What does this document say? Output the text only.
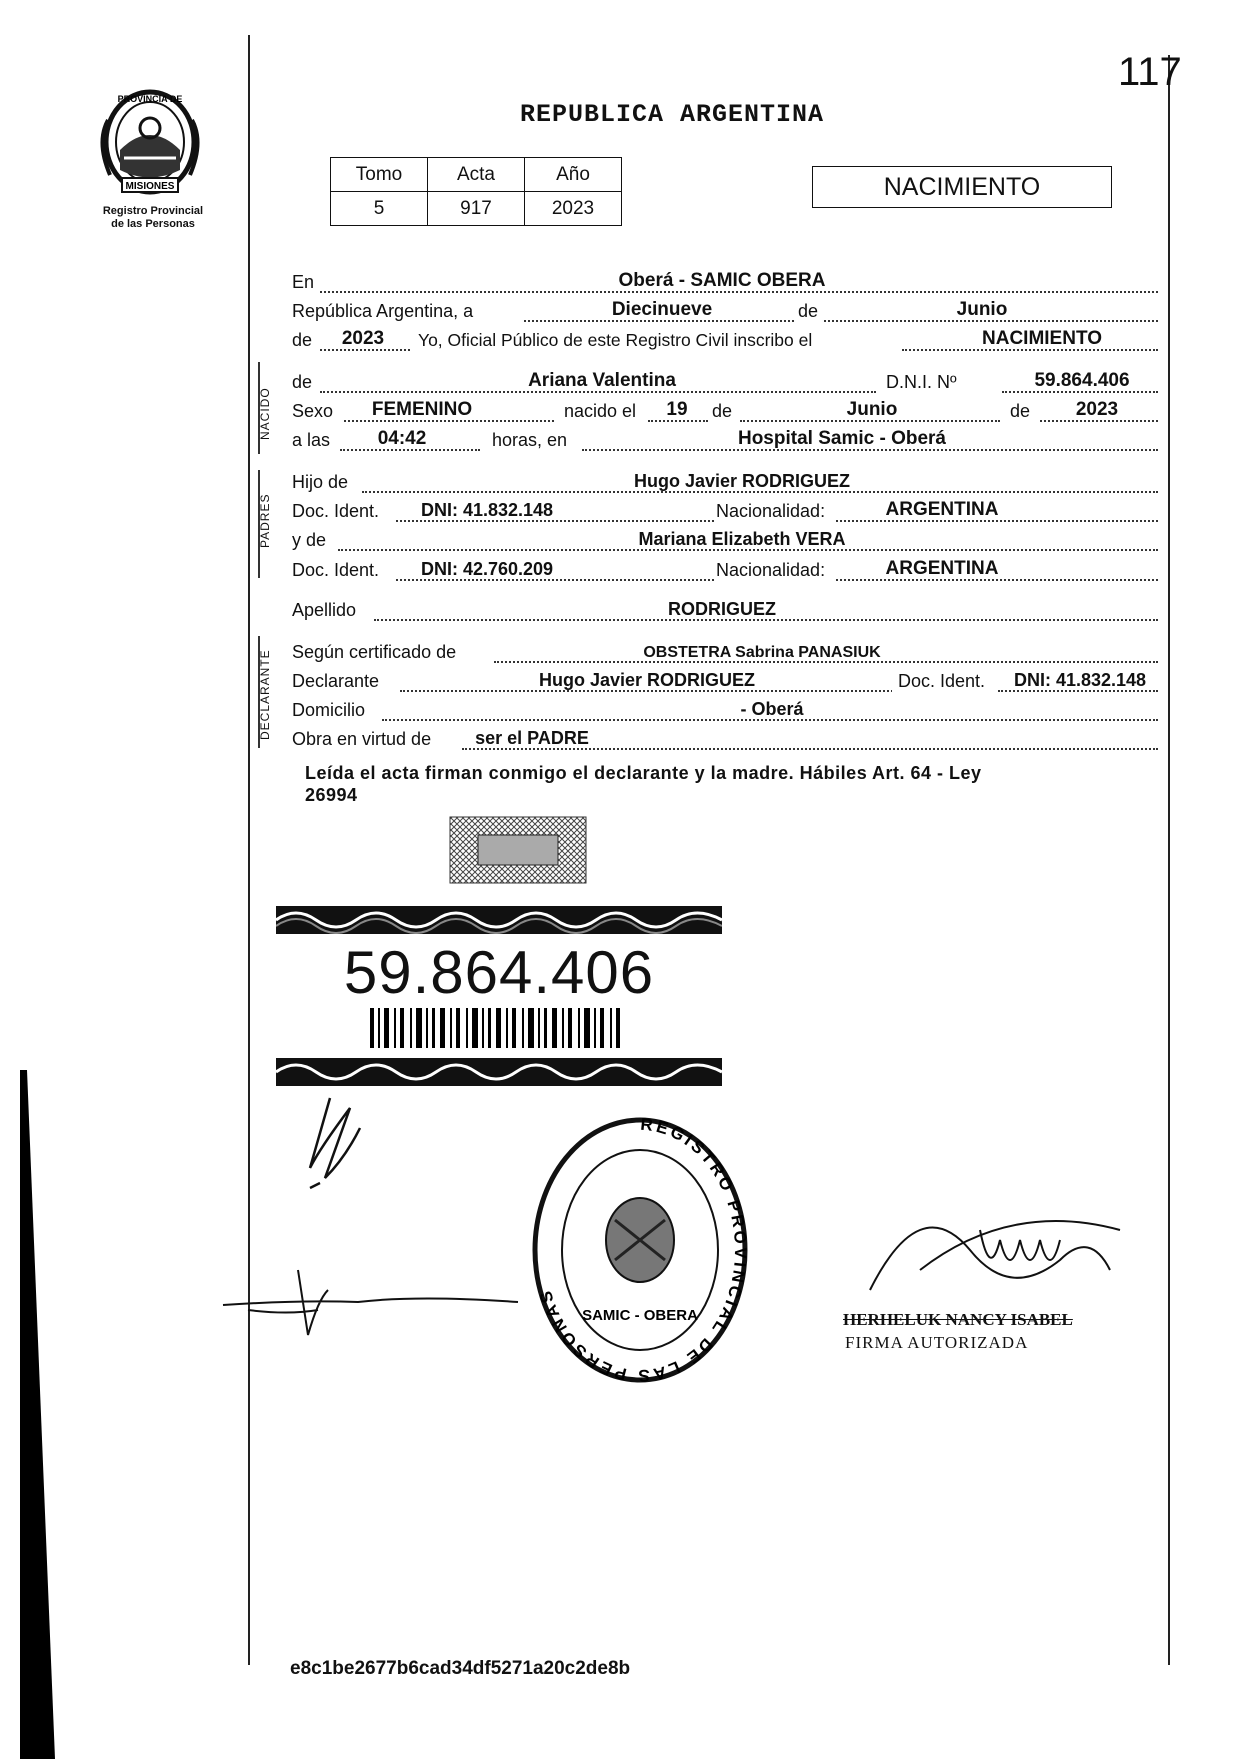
117
MISIONES
PROVINCIA DE
Registro Provincial
de las Personas
REPUBLICA ARGENTINA
Tomo	Acta	Año
5	917	2023
NACIMIENTO
En	Oberá - SAMIC OBERA
República Argentina, a	Diecinueve	de	Junio
de	2023	Yo, Oficial Público de este Registro Civil inscribo el	NACIMIENTO
NACIDO
de	Ariana Valentina	D.N.I. Nº	59.864.406
Sexo	FEMENINO	nacido el	19	de	Junio	de	2023
a las	04:42	horas, en	Hospital Samic - Oberá
PADRES
Hijo de	Hugo Javier RODRIGUEZ
Doc. Ident.	DNI: 41.832.148	Nacionalidad:	ARGENTINA
y de	Mariana Elizabeth VERA
Doc. Ident.	DNI: 42.760.209	Nacionalidad:	ARGENTINA
Apellido	RODRIGUEZ
DECLARANTE Según certificado de	OBSTETRA Sabrina PANASIUK
Declarante	Hugo Javier RODRIGUEZ	Doc. Ident.	DNI: 41.832.148
Domicilio	- Oberá
Obra en virtud de	ser el PADRE
Leída el acta firman conmigo el declarante y la madre. Hábiles Art. 64 - Ley
26994
59.864.406
REGISTRO PROVINCIAL DE LAS PERSONAS
SAMIC - OBERA	HERHELUK NANCY ISABEL
FIRMA AUTORIZADA
e8c1be2677b6cad34df5271a20c2de8b
